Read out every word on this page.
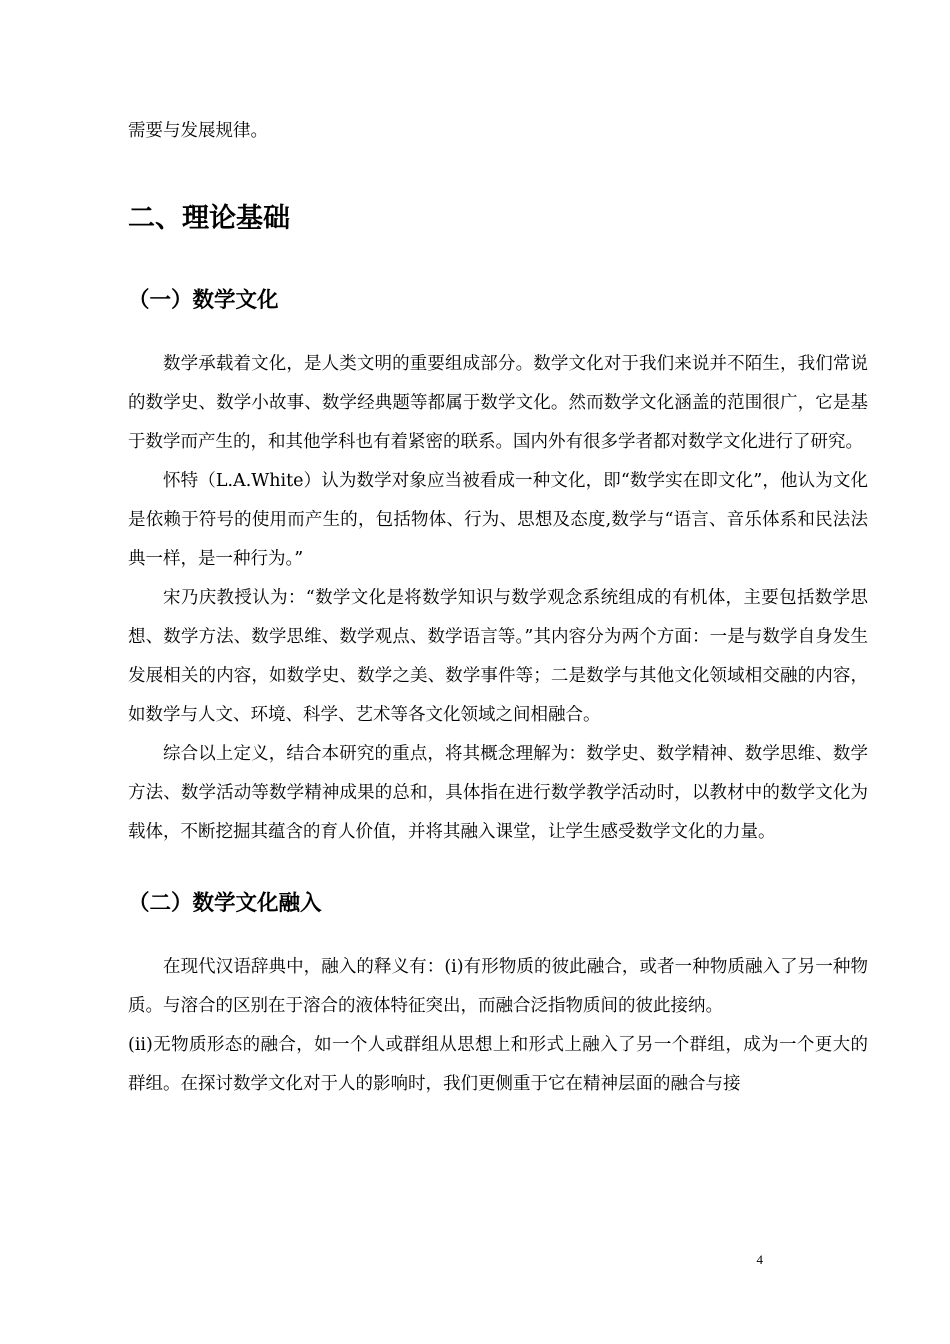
需要与发展规律。

二、理论基础
（一）数学文化

数学承载着文化，是人类文明的重要组成部分。数学文化对于我们来说并不陌生，我们常说的数学史、数学小故事、数学经典题等都属于数学文化。然而数学文化涵盖的范围很广，它是基于数学而产生的，和其他学科也有着紧密的联系。国内外有很多学者都对数学文化进行了研究。

怀特（L.A.White）认为数学对象应当被看成一种文化，即“数学实在即文化”，他认为文化是依赖于符号的使用而产生的，包括物体、行为、思想及态度,数学与“语言、音乐体系和民法法典一样，是一种行为。”

宋乃庆教授认为：“数学文化是将数学知识与数学观念系统组成的有机体，主要包括数学思想、数学方法、数学思维、数学观点、数学语言等。”其内容分为两个方面：一是与数学自身发生发展相关的内容，如数学史、数学之美、数学事件等；二是数学与其他文化领域相交融的内容，如数学与人文、环境、科学、艺术等各文化领域之间相融合。

综合以上定义，结合本研究的重点，将其概念理解为：数学史、数学精神、数学思维、数学方法、数学活动等数学精神成果的总和，具体指在进行数学教学活动时，以教材中的数学文化为载体，不断挖掘其蕴含的育人价值，并将其融入课堂，让学生感受数学文化的力量。

（二）数学文化融入

在现代汉语辞典中，融入的释义有：(i)有形物质的彼此融合，或者一种物质融入了另一种物质。与溶合的区别在于溶合的液体特征突出，而融合泛指物质间的彼此接纳。

(ii)无物质形态的融合，如一个人或群组从思想上和形式上融入了另一个群组，成为一个更大的群组。在探讨数学文化对于人的影响时，我们更侧重于它在精神层面的融合与接

4
